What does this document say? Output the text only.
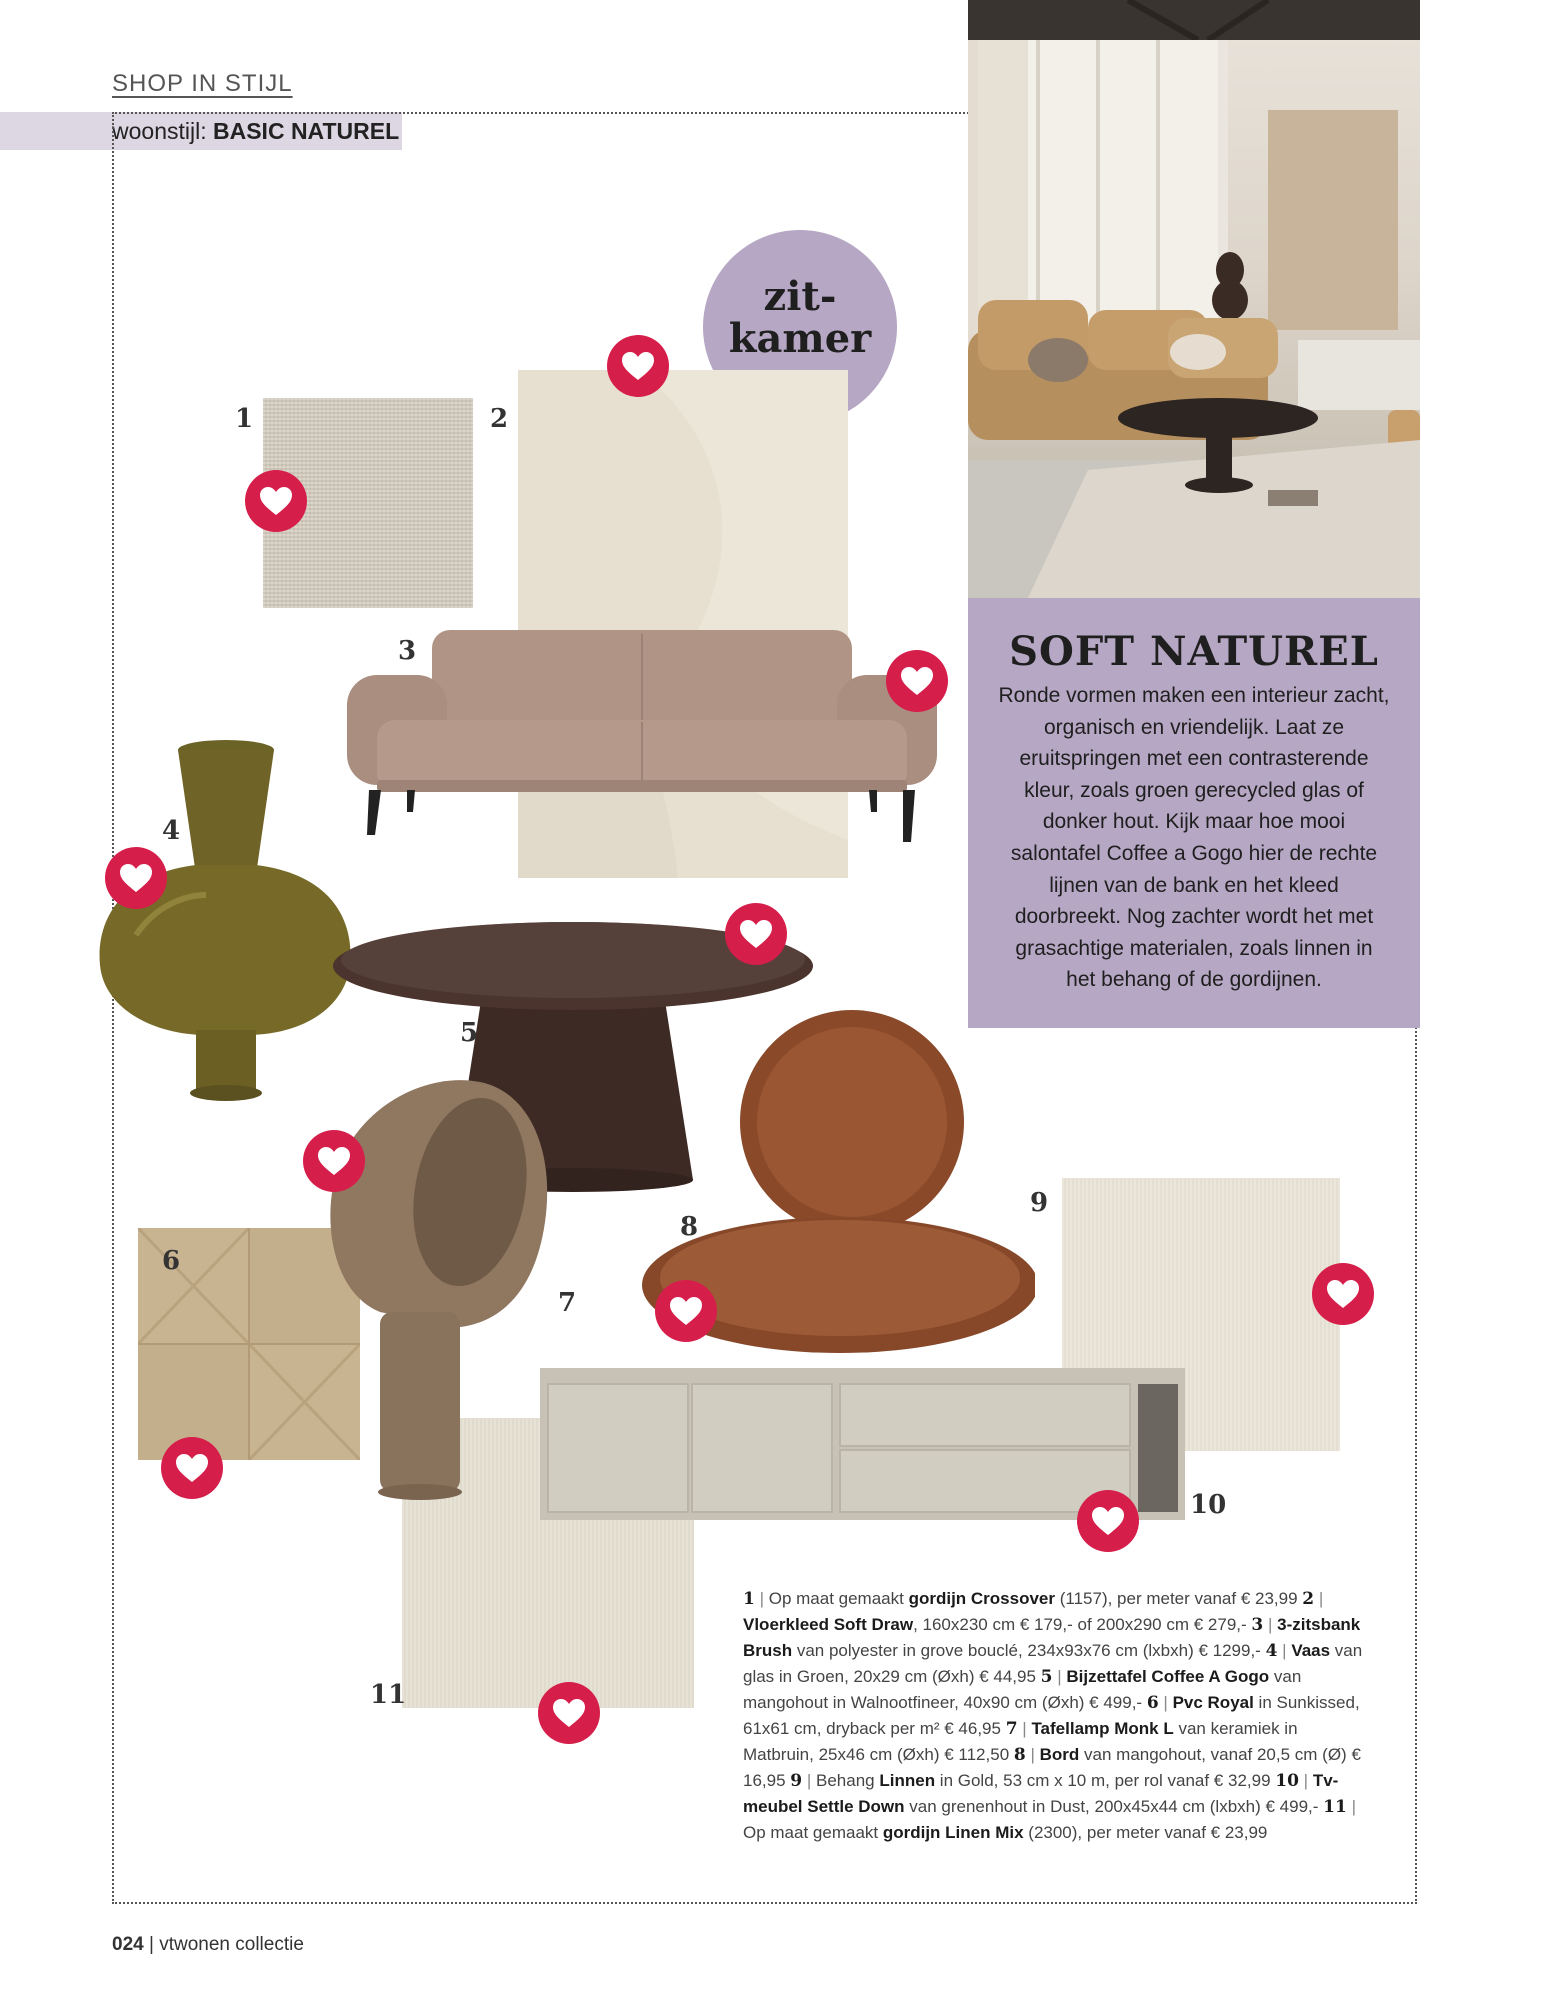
SHOP IN STIJL
woonstijl: BASIC NATUREL
SOFT NATUREL
Ronde vormen maken een interieur zacht, organisch en vriendelijk. Laat ze eruitspringen met een contrasterende kleur, zoals groen gerecycled glas of donker hout. Kijk maar hoe mooi salontafel Coffee a Gogo hier de rechte lijnen van de bank en het kleed doorbreekt. Nog zachter wordt het met grasachtige materialen, zoals linnen in het behang of de gordijnen.
zit-
kamer
1	2
3
4
5
6
7
8
9
10
11
1 | Op maat gemaakt gordijn Crossover (1157), per meter vanaf € 23,99 2 | Vloerkleed Soft Draw, 160x230 cm € 179,- of 200x290 cm € 279,- 3 | 3-zitsbank Brush van polyester in grove bouclé, 234x93x76 cm (lxbxh) € 1299,- 4 | Vaas van glas in Groen, 20x29 cm (Øxh) € 44,95 5 | Bijzettafel Coffee A Gogo van mangohout in Walnootfineer, 40x90 cm (Øxh) € 499,- 6 | Pvc Royal in Sunkissed, 61x61 cm, dryback per m² € 46,95 7 | Tafellamp Monk L van keramiek in Matbruin, 25x46 cm (Øxh) € 112,50 8 | Bord van mangohout, vanaf 20,5 cm (Ø) € 16,95 9 | Behang Linnen in Gold, 53 cm x 10 m, per rol vanaf € 32,99 10 | Tv-meubel Settle Down van grenenhout in Dust, 200x45x44 cm (lxbxh) € 499,- 11 | Op maat gemaakt gordijn Linen Mix (2300), per meter vanaf € 23,99
024 | vtwonen collectie
